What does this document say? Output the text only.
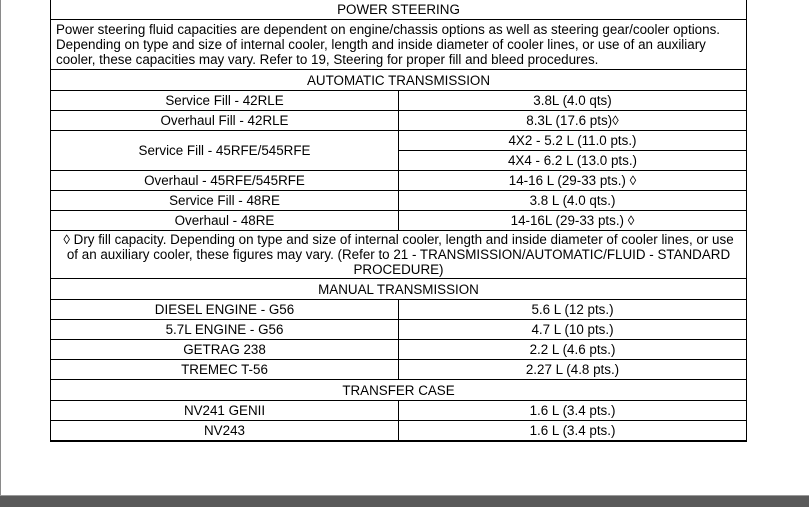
POWER STEERING	
Power steering fluid capacities are dependent on engine/chassis options as well as steering gear/cooler options. Depending on type and size of internal cooler, length and inside diameter of cooler lines, or use of an auxiliary cooler, these capacities may vary. Refer to 19, Steering for proper fill and bleed procedures.	
AUTOMATIC TRANSMISSION	
Service Fill - 42RLE	3.8L (4.0 qts)
Overhaul Fill - 42RLE	8.3L (17.6 pts)◊
Service Fill - 45RFE/545RFE	4X2 - 5.2 L (11.0 pts.)
	4X4 - 6.2 L (13.0 pts.)
Overhaul - 45RFE/545RFE	14-16 L (29-33 pts.) ◊
Service Fill - 48RE	3.8 L (4.0 qts.)
Overhaul - 48RE	14-16L (29-33 pts.) ◊
◊ Dry fill capacity. Depending on type and size of internal cooler, length and inside diameter of cooler lines, or use of an auxiliary cooler, these figures may vary. (Refer to 21 - TRANSMISSION/AUTOMATIC/FLUID - STANDARD PROCEDURE)	
MANUAL TRANSMISSION	
DIESEL ENGINE - G56	5.6 L (12 pts.)
5.7L ENGINE - G56	4.7 L (10 pts.)
GETRAG 238	2.2 L (4.6 pts.)
TREMEC T-56	2.27 L (4.8 pts.)
TRANSFER CASE	
NV241 GENII	1.6 L (3.4 pts.)
NV243	1.6 L (3.4 pts.)
